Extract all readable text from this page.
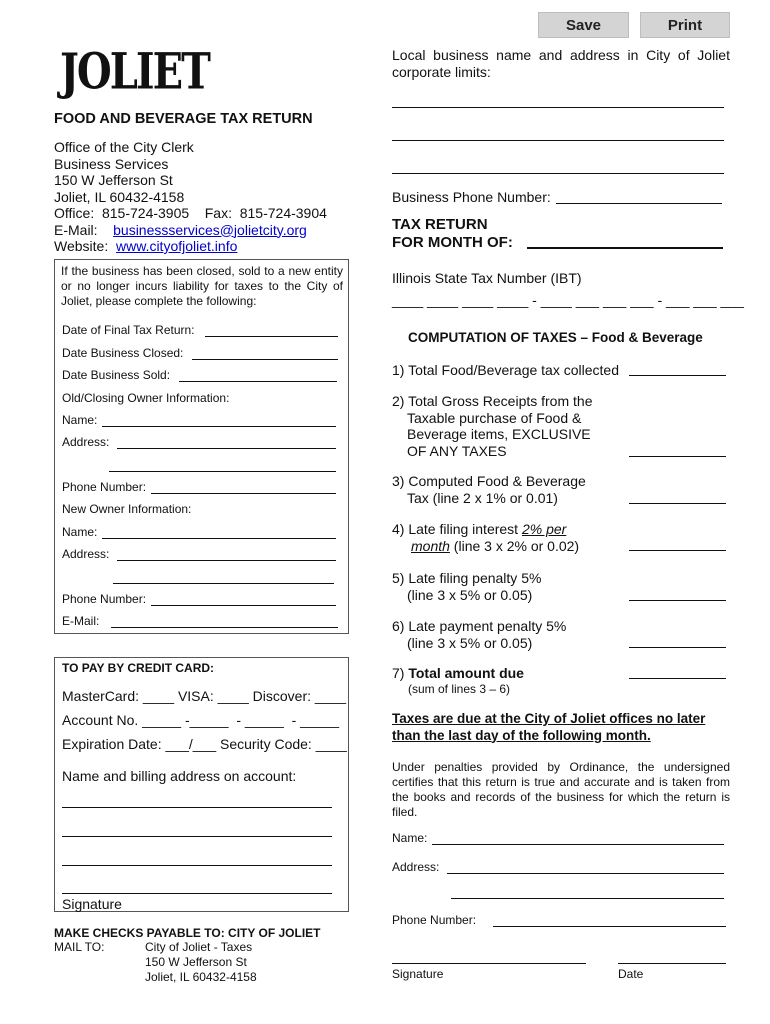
Save	Print
JOLIET
FOOD AND BEVERAGE TAX RETURN
Office of the City Clerk
Business Services
150 W Jefferson St
Joliet, IL 60432-4158
Office:  815-724-3905    Fax:  815-724-3904
E-Mail: businessservices@jolietcity.org
Website: www.cityofjoliet.info
If the business has been closed, sold to a new entity or no longer incurs liability for taxes to the City of Joliet, please complete the following:
Date of Final Tax Return:
Date Business Closed:
Date Business Sold:
Old/Closing Owner Information:
Name:
Address:
Phone Number:
New Owner Information:
Name:
Address:
Phone Number:
E-Mail:
TO PAY BY CREDIT CARD:
MasterCard: ____ VISA: ____ Discover: ____
Account No. _____ -_____  - _____  - _____
Expiration Date: ___/___ Security Code: ____
Name and billing address on account:
Signature
MAKE CHECKS PAYABLE TO: CITY OF JOLIET
MAIL TO:	City of Joliet - Taxes
150 W Jefferson St
Joliet, IL 60432-4158
Local business name and address in City of Joliet corporate limits:
Business Phone Number:
TAX RETURN
FOR MONTH OF:
Illinois State Tax Number (IBT)
____ ____ ____ ____ - ____ ___ ___ ___ - ___ ___ ___
COMPUTATION OF TAXES – Food & Beverage
1) Total Food/Beverage tax collected
2) Total Gross Receipts from the
Taxable purchase of Food &
Beverage items, EXCLUSIVE
OF ANY TAXES
3) Computed Food & Beverage
Tax (line 2 x 1% or 0.01)
4) Late filing interest 2% per
month (line 3 x 2% or 0.02)
5) Late filing penalty 5%
(line 3 x 5% or 0.05)
6) Late payment penalty 5%
(line 3 x 5% or 0.05)
7) Total amount due
(sum of lines 3 – 6)
Taxes are due at the City of Joliet offices no later than the last day of the following month.
Under penalties provided by Ordinance, the undersigned certifies that this return is true and accurate and is taken from the books and records of the business for which the return is filed.
Name:
Address:
Phone Number:
Signature	Date
